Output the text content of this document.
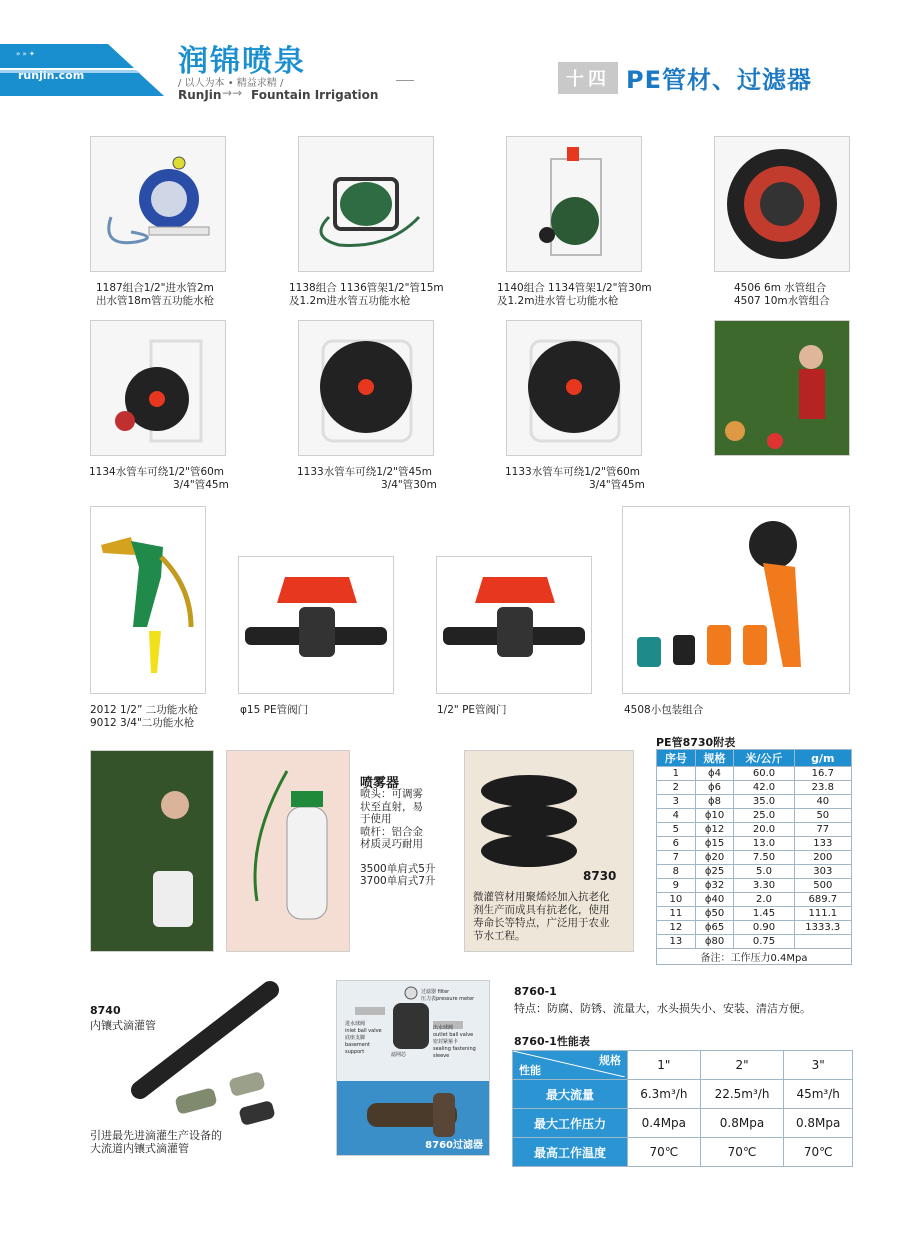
» » ✦
runjin.com	润锦喷泉
/ 以人为本 • 精益求精 /
RunJin →→ Fountain Irrigation
十四 PE管材、过滤器
1187组合1/2"进水管2m
出水管18m管五功能水枪
1138组合 1136管架1/2"管15m
及1.2m进水管五功能水枪
1140组合 1134管架1/2"管30m
及1.2m进水管七功能水枪
4506 6m 水管组合
4507 10m水管组合
1134水管车可绕1/2"管60m
3/4"管45m
1133水管车可绕1/2"管45m
3/4"管30m
1133水管车可绕1/2"管60m
3/4"管45m
2012 1/2” 二功能水枪
9012 3/4"二功能水枪
φ15 PE管阀门	1/2" PE管阀门	4508小包装组合
喷雾器
喷头：可调雾
状至直射，易
于使用
喷杆：铝合金
材质灵巧耐用
3500单肩式5升
3700单肩式7升	8730
微灌管材用聚烯烃加入抗老化
剂生产而成具有抗老化，使用
寿命长等特点，广泛用于农业
节水工程。
PE管8730附表
序号	规格	米/公斤	g/m
1	ϕ4	60.0	16.7
2	ϕ6	42.0	23.8
3	ϕ8	35.0	40
4	ϕ10	25.0	50
5	ϕ12	20.0	77
6	ϕ15	13.0	133
7	ϕ20	7.50	200
8	ϕ25	5.0	303
9	ϕ32	3.30	500
10	ϕ40	2.0	689.7
11	ϕ50	1.45	111.1
12	ϕ65	0.90	1333.3
13	ϕ80	0.75	
备注：工作压力0.4Mpa			
8740
内镶式滴灌管
引进最先进滴灌生产设备的
大流道内镶式滴灌管
过滤器 filter
压力表pressure meter
进水球阀
inlet ball valve
底座支脚
basement
support
出水球阀
outlet ball valve
密封紧箍卡
sealing fastening
sleeve
滤网芯
8760过滤器
8760-1
特点：防腐、防锈、流量大，水头损失小、安装、清洁方便。
8760-1性能表
规格
性能	1"	2"	3"
最大流量	6.3m³/h	22.5m³/h	45m³/h
最大工作压力	0.4Mpa	0.8Mpa	0.8Mpa
最高工作温度	70℃	70℃	70℃
